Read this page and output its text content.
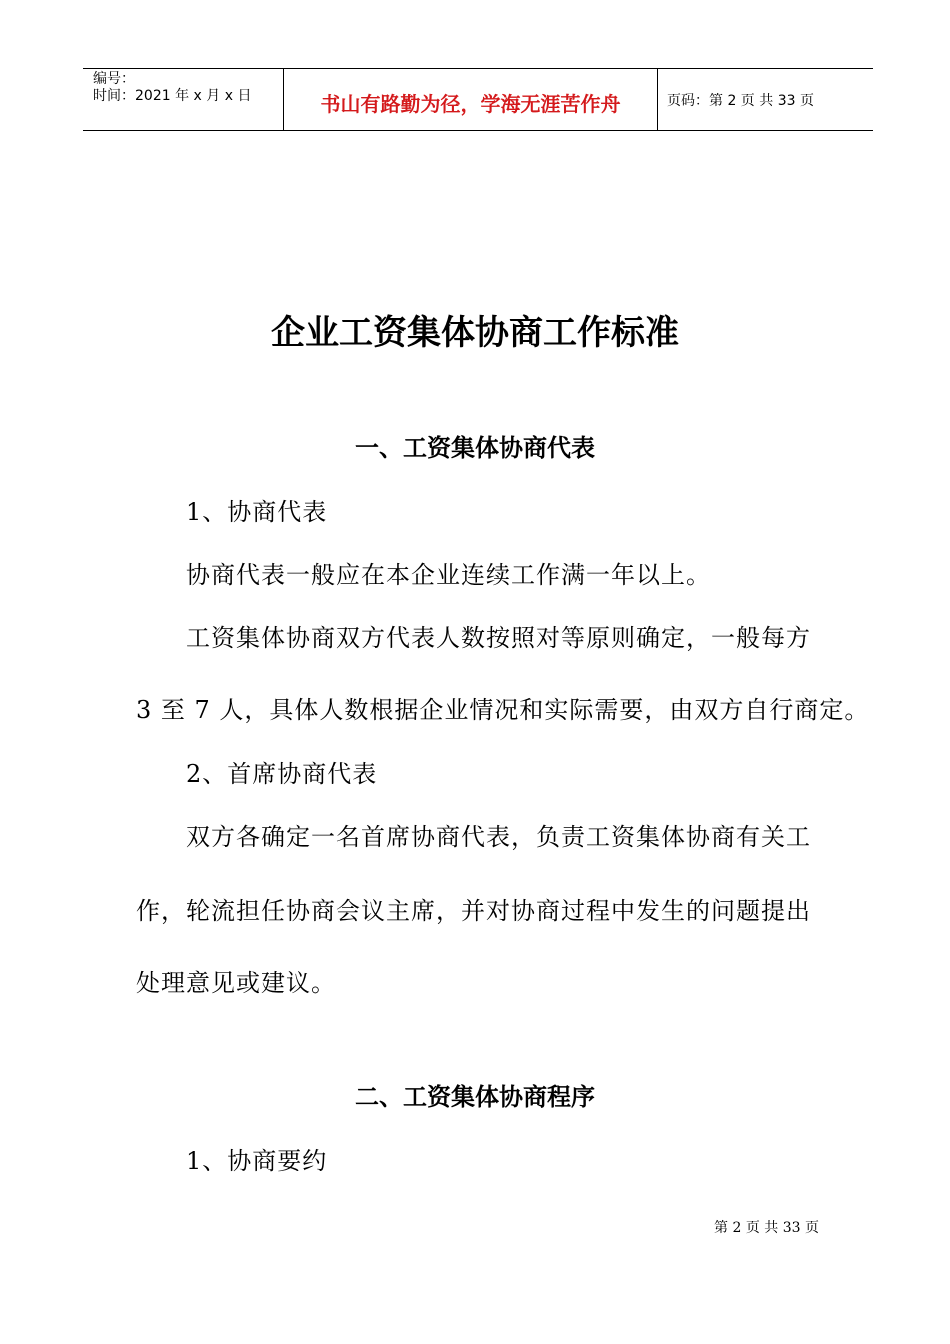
编号：
时间：2021 年 x 月 x 日	书山有路勤为径，学海无涯苦作舟	页码：第 2 页 共 33 页
企业工资集体协商工作标准
一、工资集体协商代表
1、协商代表
协商代表一般应在本企业连续工作满一年以上。
工资集体协商双方代表人数按照对等原则确定，一般每方
3 至 7 人，具体人数根据企业情况和实际需要，由双方自行商定。
2、首席协商代表
双方各确定一名首席协商代表，负责工资集体协商有关工
作，轮流担任协商会议主席，并对协商过程中发生的问题提出
处理意见或建议。
二、工资集体协商程序
1、协商要约
第 2 页 共 33 页
